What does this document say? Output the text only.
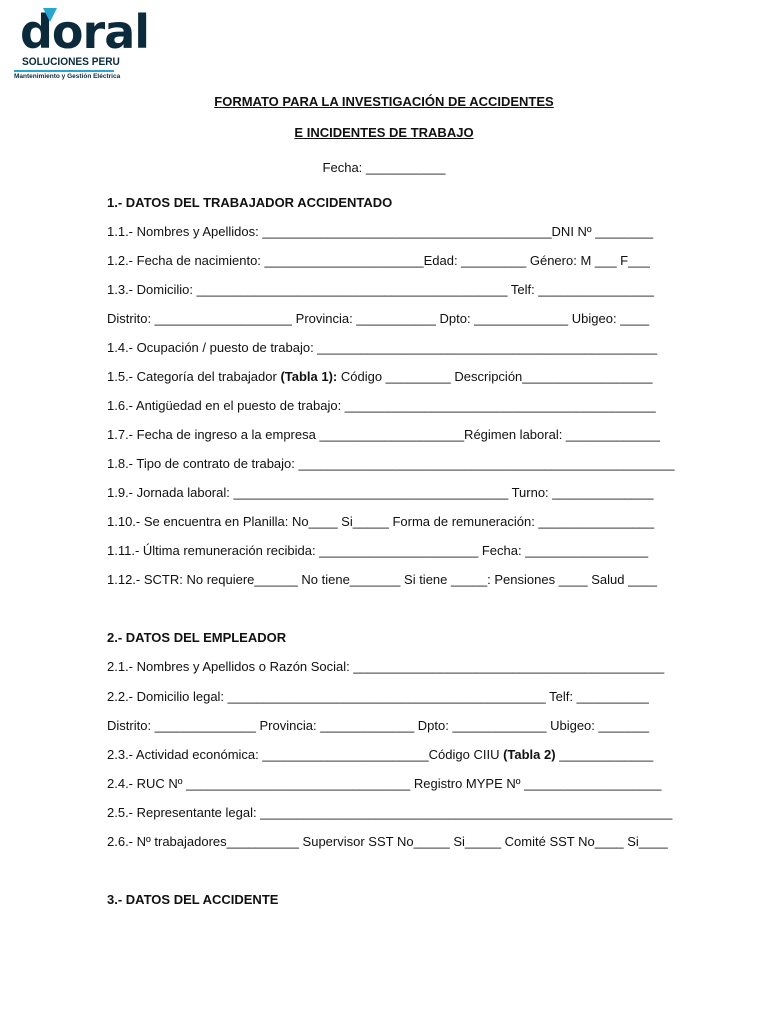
doral
SOLUCIONES PERU
Mantenimiento y Gestión Eléctrica
FORMATO PARA LA INVESTIGACIÓN DE ACCIDENTES
E INCIDENTES DE TRABAJO
Fecha: ___________
1.- DATOS DEL TRABAJADOR ACCIDENTADO
1.1.- Nombres y Apellidos: ________________________________________DNI Nº ________
1.2.- Fecha de nacimiento: ______________________Edad: _________ Género: M ___ F___
1.3.- Domicilio: ___________________________________________ Telf: ________________
Distrito: ___________________ Provincia: ___________ Dpto: _____________ Ubigeo: ____
1.4.- Ocupación / puesto de trabajo: _______________________________________________
1.5.- Categoría del trabajador (Tabla 1): Código _________ Descripción__________________
1.6.- Antigüedad en el puesto de trabajo: ___________________________________________
1.7.- Fecha de ingreso a la empresa ____________________Régimen laboral: _____________
1.8.- Tipo de contrato de trabajo: ____________________________________________________
1.9.- Jornada laboral: ______________________________________ Turno: ______________
1.10.- Se encuentra en Planilla: No____ Si_____ Forma de remuneración: ________________
1.11.- Última remuneración recibida: ______________________ Fecha: _________________
1.12.- SCTR: No requiere______ No tiene_______ Si tiene _____: Pensiones ____ Salud ____
2.- DATOS DEL EMPLEADOR
2.1.- Nombres y Apellidos o Razón Social: ___________________________________________
2.2.- Domicilio legal: ____________________________________________ Telf: __________
Distrito: ______________ Provincia: _____________ Dpto: _____________ Ubigeo: _______
2.3.- Actividad económica: _______________________Código CIIU (Tabla 2) _____________
2.4.- RUC Nº _______________________________ Registro MYPE Nº ___________________
2.5.- Representante legal: _________________________________________________________
2.6.- Nº trabajadores__________ Supervisor SST No_____ Si_____ Comité SST No____ Si____
3.- DATOS DEL ACCIDENTE
